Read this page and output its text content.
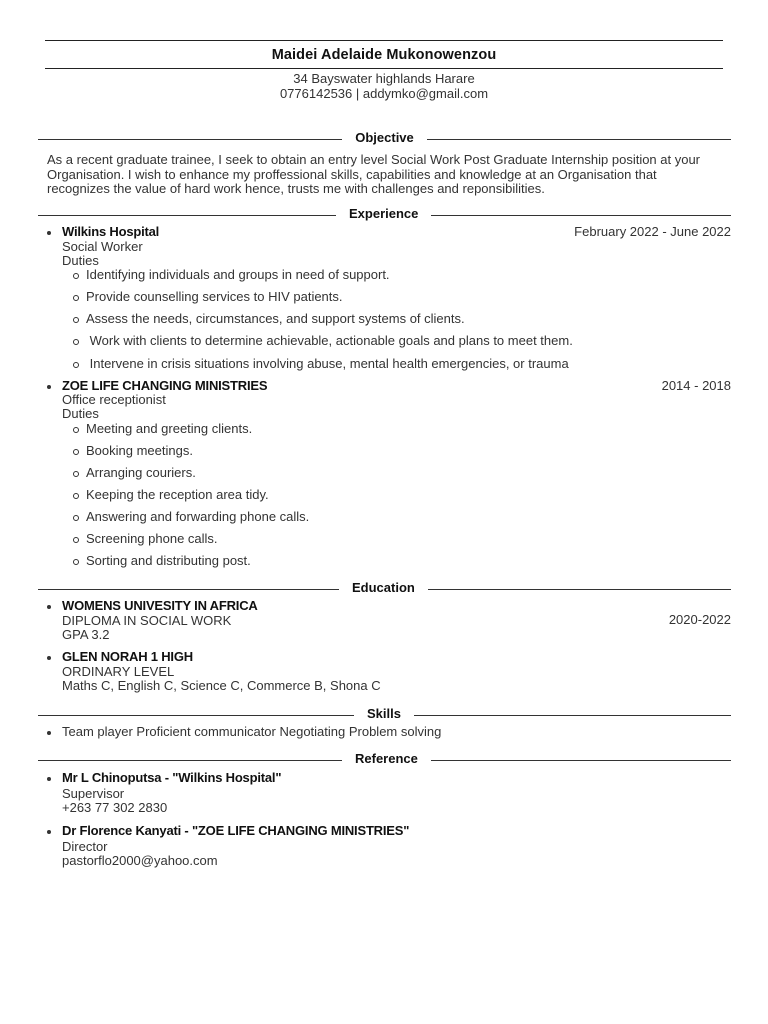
Maidei Adelaide Mukonowenzou
34 Bayswater highlands Harare
0776142536 | addymko@gmail.com
Objective
As a recent graduate trainee, I seek to obtain an entry level Social Work Post Graduate Internship position at your
Organisation. I wish to enhance my proffessional skills, capabilities and knowledge at an Organisation that
recognizes the value of hard work hence, trusts me with challenges and reponsibilities.
Experience
Wilkins Hospital	February 2022 - June 2022
Social Worker
Duties
Identifying individuals and groups in need of support.
Provide counselling services to HIV patients.
Assess the needs, circumstances, and support systems of clients.
Work with clients to determine achievable, actionable goals and plans to meet them.
Intervene in crisis situations involving abuse, mental health emergencies, or trauma
ZOE LIFE CHANGING MINISTRIES	2014 - 2018
Office receptionist
Duties
Meeting and greeting clients.
Booking meetings.
Arranging couriers.
Keeping the reception area tidy.
Answering and forwarding phone calls.
Screening phone calls.
Sorting and distributing post.
Education
WOMENS UNIVESITY IN AFRICA
2020-2022
DIPLOMA IN SOCIAL WORK
GPA 3.2
GLEN NORAH 1 HIGH
ORDINARY LEVEL
Maths C, English C, Science C, Commerce B, Shona C
Skills
Team player Proficient communicator Negotiating Problem solving
Reference
Mr L Chinoputsa - "Wilkins Hospital"
Supervisor
+263 77 302 2830
Dr Florence Kanyati - "ZOE LIFE CHANGING MINISTRIES"
Director
pastorflo2000@yahoo.com
